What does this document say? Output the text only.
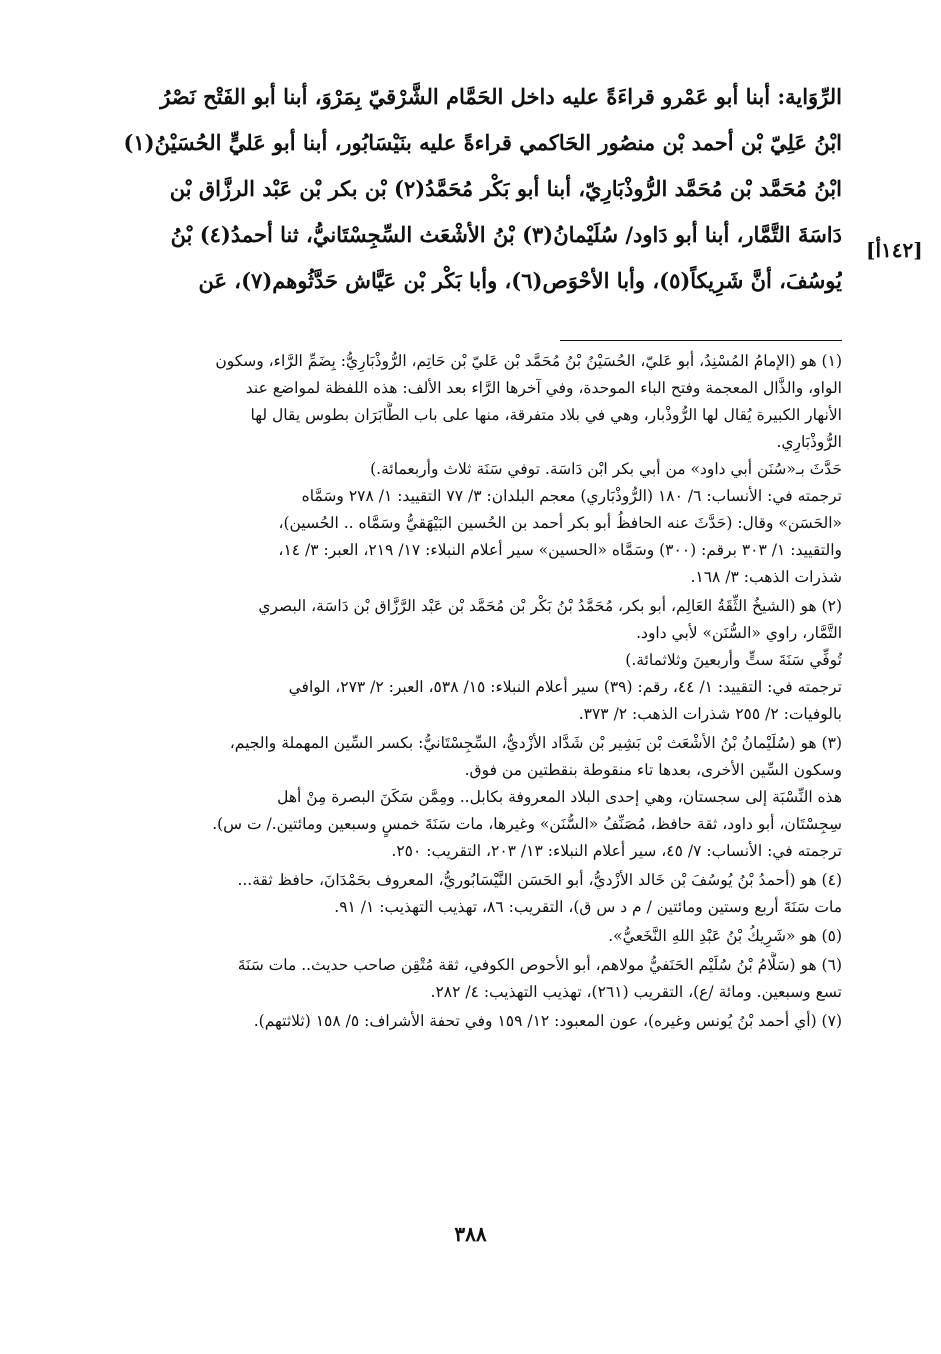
الرِّوَاية: أبنا أبو عَمْرو قراءَةً عليه داخل الحَمَّام الشَّرْقيّ بِمَرْوَ، أبنا أبو الفَتْح نَصْرُ
ابْنُ عَلِيّ بْن أحمد بْن منصُور الحَاكمي قراءةً عليه بنَيْسَابُور، أبنا أبو عَليٍّ الحُسَيْنُ(١)
ابْنُ مُحَمَّد بْن مُحَمَّد الرُّوذْبَارِيّ، أبنا أبو بَكْر مُحَمَّدُ(٢) بْن بكر بْن عَبْد الرزَّاق بْن
دَاسَةَ التَّمَّار، أبنا أبو دَاود/ سُلَيْمانُ(٣) بْنُ الأشْعَث السِّجِسْتَانيُّ، ثنا أحمدُ(٤) بْنُ
يُوسُفَ، أنَّ شَرِيكاً(٥)، وأبا الأحْوَص(٦)، وأبا بَكْر بْن عَيَّاش حَدَّثُوهم(٧)، عَن
[١٤٢أ]
(١) هو (الإمامُ المُسْنِدُ، أبو عَليّ، الحُسَيْنُ بْنُ مُحَمَّد بْن عَليّ بْن حَاتِم، الرُّوذْبَارِيُّ: بِضَمِّ الرَّاء، وسكون
الواو، والذَّال المعجمة وفتح الباء الموحدة، وفي آخرها الرَّاء بعد الألف: هذه اللفظة لمواضع عند
الأنهار الكبيرة يُقال لها الرُّوذْبار، وهي في بلاد متفرقة، منها على باب الطَّابَرَان بطوس يقال لها
الرُّوذْبَارِي.
حَدَّثَ بـ«سُنَن أبي داود» من أبي بكر ابْن دَاسَة. توفي سَنَة ثلاث وأربعمائة.)
ترجمته في: الأنساب: ٦/ ١٨٠ (الرُّوذْبَاري) معجم البلدان: ٣/ ٧٧ التقييد: ١/ ٢٧٨ وسَمَّاه
«الحَسَن» وقال: (حَدَّثَ عنه الحافظُ أبو بكر أحمد بن الحُسين البَيْهَقيُّ وسَمَّاه .. الحُسين)،
والتقييد: ١/ ٣٠٣ برقم: (٣٠٠) وسَمَّاه «الحسين» سير أعلام النبلاء: ١٧/ ٢١٩، العبر: ٣/ ١٤،
شذرات الذهب: ٣/ ١٦٨.
(٢) هو (الشيخُ الثِّقَةُ العَالِم، أبو بكر، مُحَمَّدُ بْنُ بَكْر بْن مُحَمَّد بْن عَبْد الرَّزَّاق بْن دَاسَة، البصري
التَّمَّار، راوي «السُّنَن» لأبي داود.
تُوفِّي سَنَةَ ستٍّ وأربعينَ وثلاثمائة.)
ترجمته في: التقييد: ١/ ٤٤، رقم: (٣٩) سير أعلام النبلاء: ١٥/ ٥٣٨، العبر: ٢/ ٢٧٣، الوافي
بالوفيات: ٢/ ٢٥٥ شذرات الذهب: ٢/ ٣٧٣.
(٣) هو (سُلَيْمانُ بْنُ الأشْعَث بْن بَشِير بْن شَدَّاد الأزْديُّ، السِّجِسْتَانيُّ: بكسر السِّين المهملة والجيم،
وسكون السِّين الأخرى، بعدها تاء منقوطة بنقطتين من فوق.
هذه النِّسْبَة إلى سجستان، وهي إحدى البلاد المعروفة بكابل.. ومِمَّن سَكَنَ البصرة مِنْ أهل
سِجِسْتَان، أبو داود، ثقة حافظ، مُصَنِّفُ «السُّنَن» وغيرها، مات سَنَةَ خمسٍ وسبعين ومائتين./ ت س).
ترجمته في: الأنساب: ٧/ ٤٥، سير أعلام النبلاء: ١٣/ ٢٠٣، التقريب: ٢٥٠.
(٤) هو (أحمدُ بْنُ يُوسُفَ بْن خَالد الأزْديُّ، أبو الحَسَن النَّيْسَابُوريُّ، المعروف بحَمْدَانَ، حافظ ثقة...
مات سَنَةَ أربع وستين ومائتين / م د س ق)، التقريب: ٨٦، تهذيب التهذيب: ١/ ٩١.
(٥) هو «شَرِيكُ بْنُ عَبْدِ اللهِ النَّخَعيُّ».
(٦) هو (سَلَّامُ بْنُ سُلَيْم الحَنَفيُّ مولاهم، أبو الأحوص الكوفي، ثقة مُتْقِن صاحب حديث.. مات سَنَةَ
تسع وسبعين. ومائة /ع)، التقريب (٢٦١)، تهذيب التهذيب: ٤/ ٢٨٢.
(٧) (أي أحمد بْنُ يُونس وغيره)، عون المعبود: ١٢/ ١٥٩ وفي تحفة الأشراف: ٥/ ١٥٨ (ثلاثتهم).
٣٨٨
